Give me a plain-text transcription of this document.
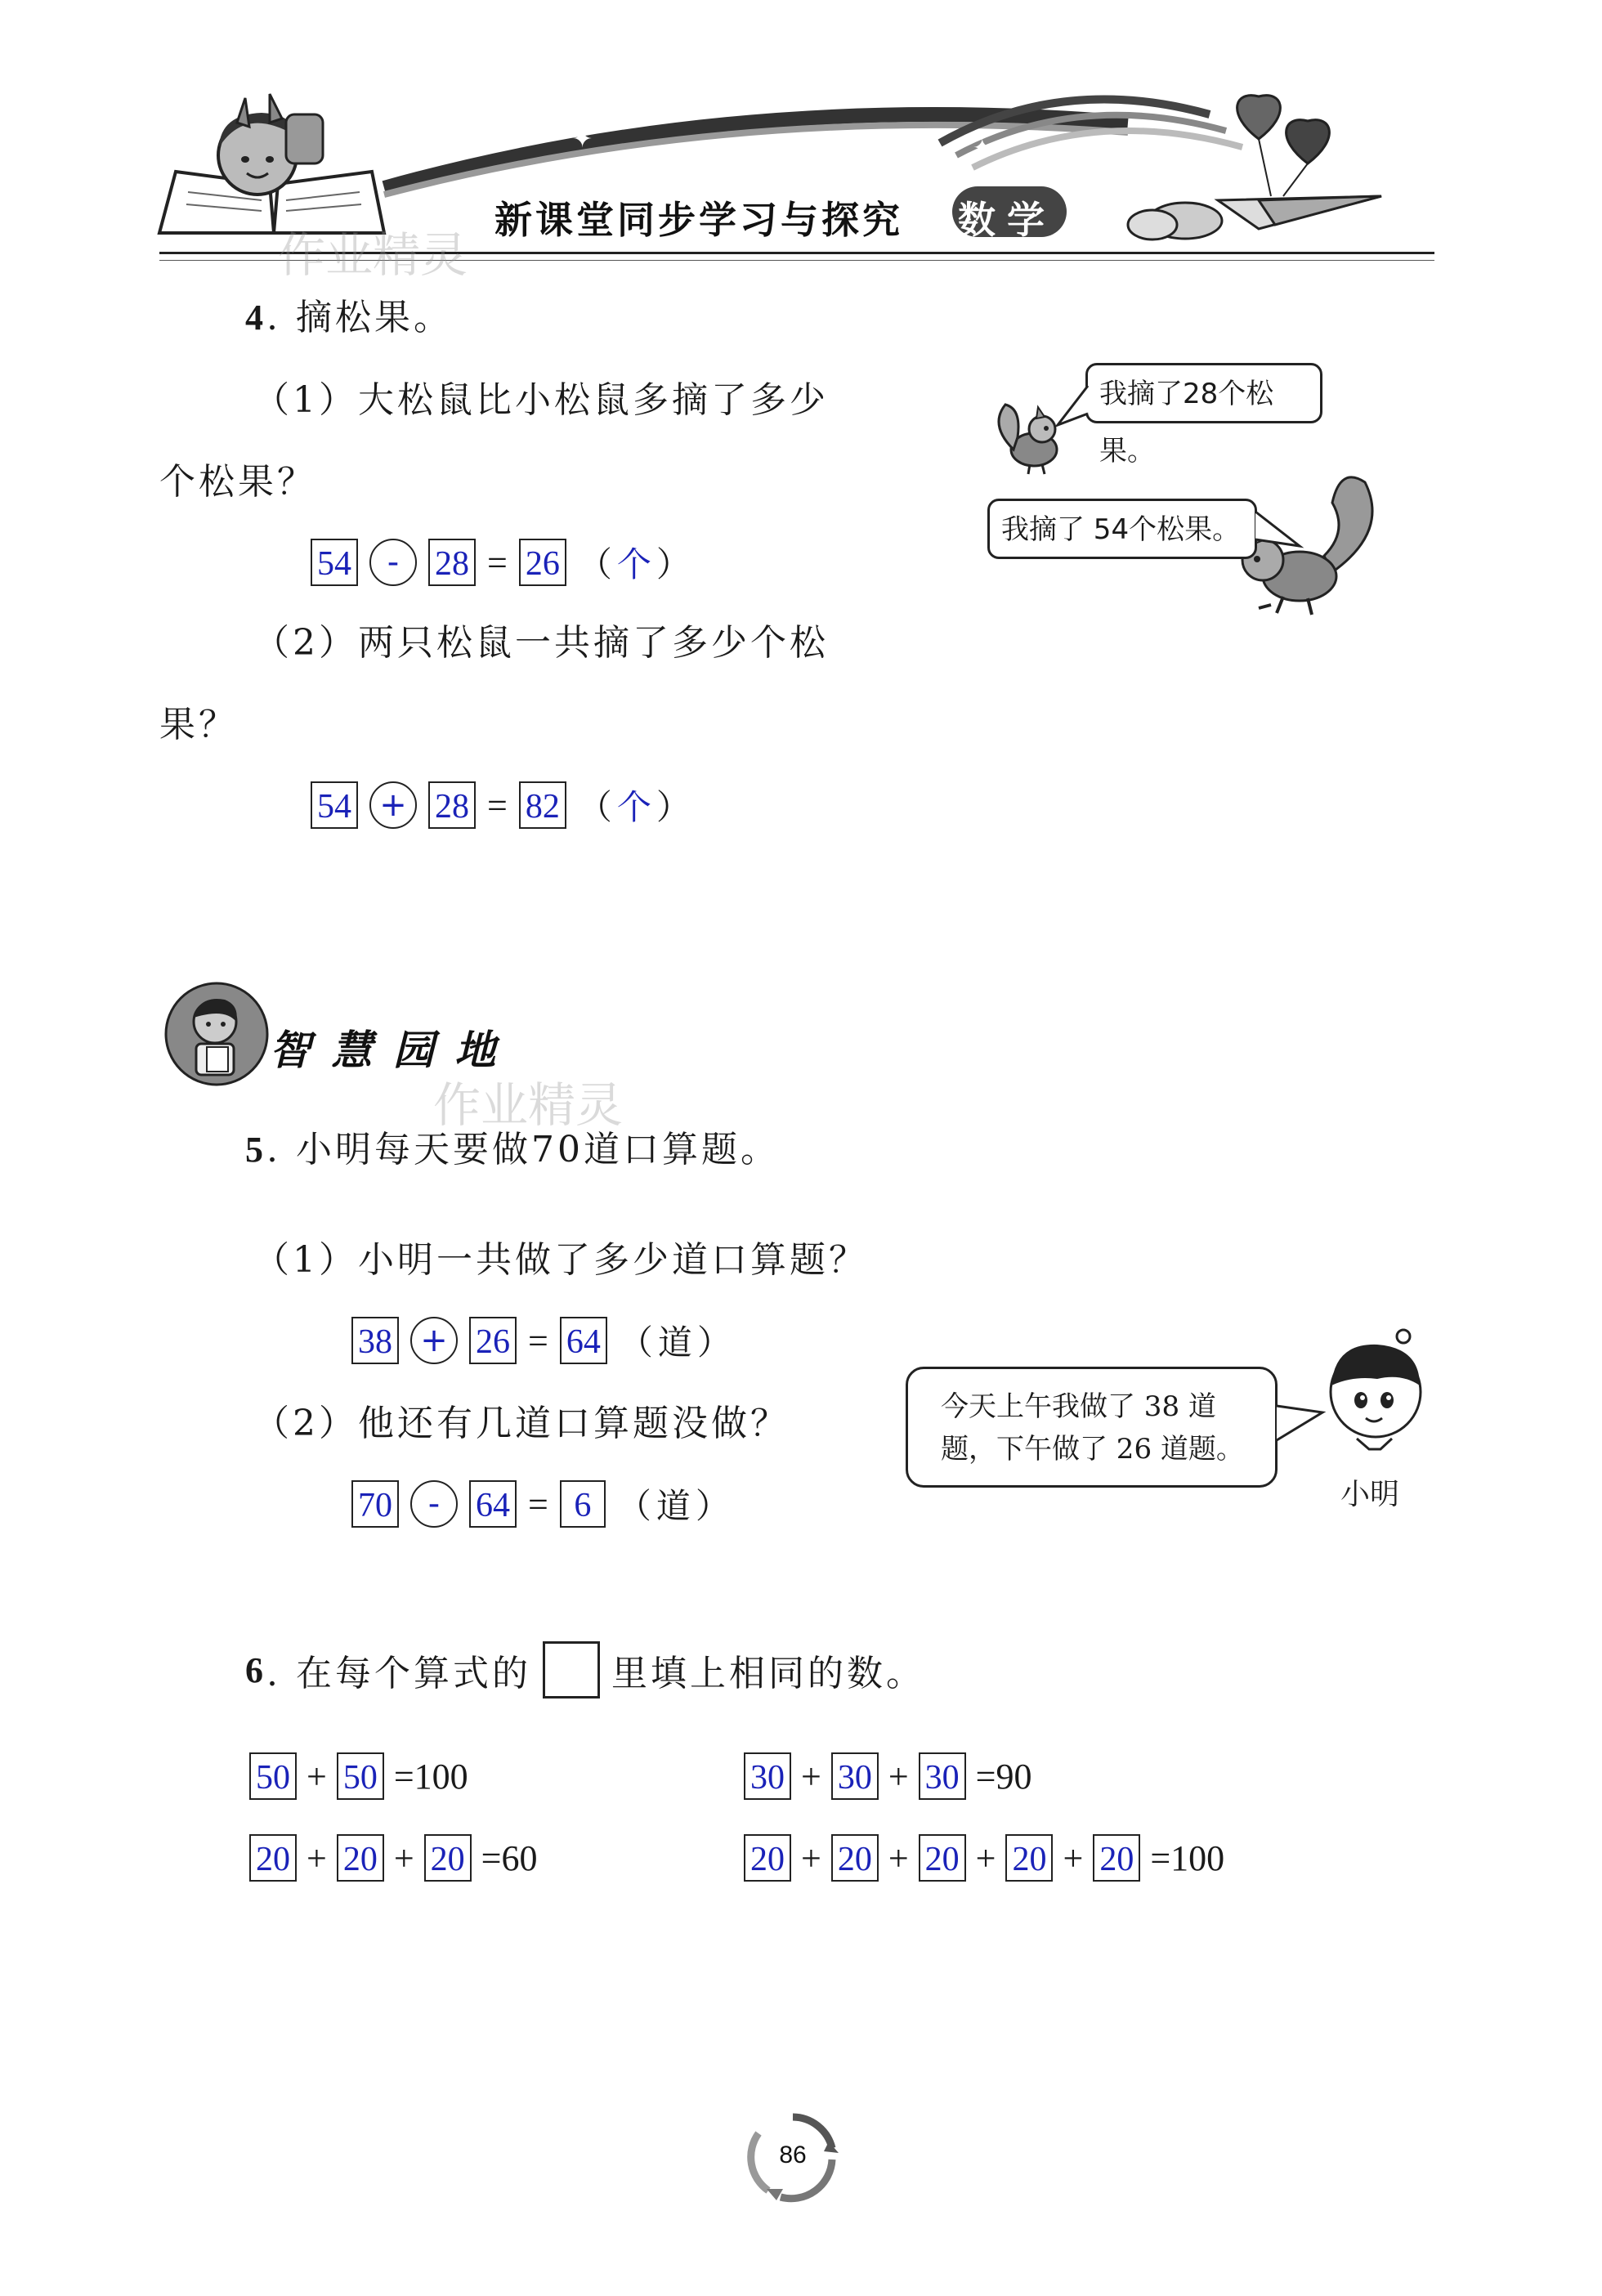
✦	✦
新课堂同步学习与探究 数学
作业精灵
作业精灵
4. 摘松果。
（1）大松鼠比小松鼠多摘了多少
个松果？
54	-	28 = 26 （个）
（2）两只松鼠一共摘了多少个松
果？
54 + 28 = 82 （个）
我摘了28个松果。
我摘了 54个松果。
智 慧 园 地
5. 小明每天要做70道口算题。
（1）小明一共做了多少道口算题？
38 + 26 = 64 （道）
（2）他还有几道口算题没做？
70	-	64 = 6 （道）
今天上午我做了 38 道
题，下午做了 26 道题。
小明
6 . 在每个算式的 里填上相同的数。
50 + 50 =100	30 + 30 + 30 =90
20 + 20 + 20 =60	20 + 20 + 20 + 20 + 20 =100
86
